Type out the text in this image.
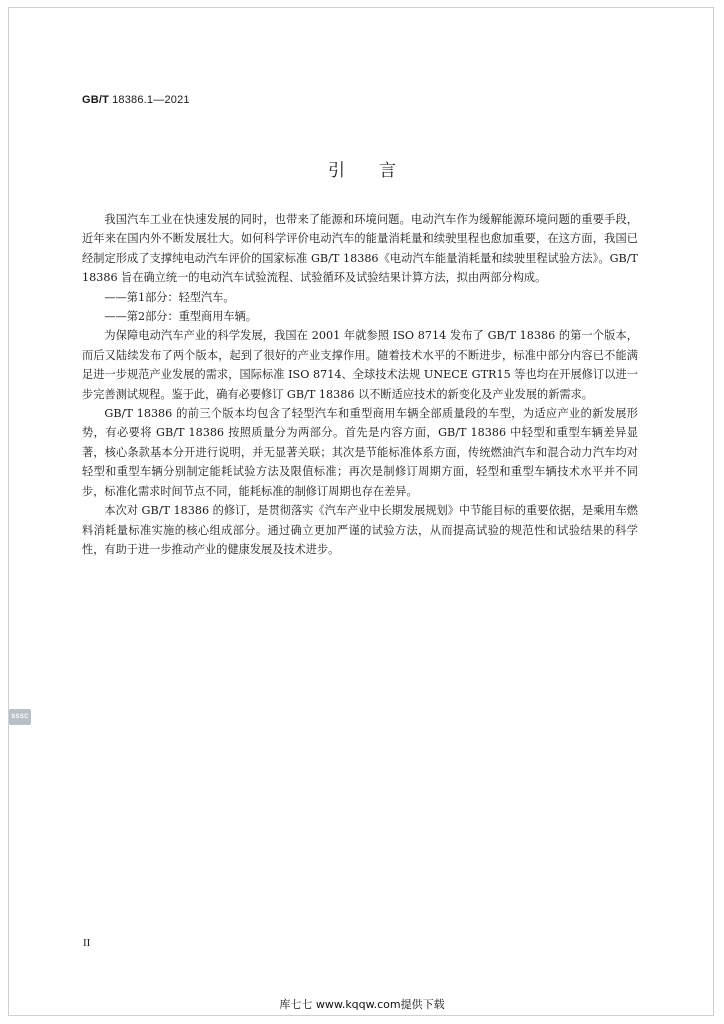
GB/T 18386.1—2021
引言

我国汽车工业在快速发展的同时，也带来了能源和环境问题。电动汽车作为缓解能源环境问题的重要手段，近年来在国内外不断发展壮大。如何科学评价电动汽车的能量消耗量和续驶里程也愈加重要，在这方面，我国已经制定形成了支撑纯电动汽车评价的国家标准 GB/T 18386《电动汽车能量消耗量和续驶里程试验方法》。GB/T 18386 旨在确立统一的电动汽车试验流程、试验循环及试验结果计算方法，拟由两部分构成。

——第1部分：轻型汽车。

——第2部分：重型商用车辆。

为保障电动汽车产业的科学发展，我国在 2001 年就参照 ISO 8714 发布了 GB/T 18386 的第一个版本，而后又陆续发布了两个版本，起到了很好的产业支撑作用。随着技术水平的不断进步，标准中部分内容已不能满足进一步规范产业发展的需求，国际标准 ISO 8714、全球技术法规 UNECE GTR15 等也均在开展修订以进一步完善测试规程。鉴于此，确有必要修订 GB/T 18386 以不断适应技术的新变化及产业发展的新需求。

GB/T 18386 的前三个版本均包含了轻型汽车和重型商用车辆全部质量段的车型，为适应产业的新发展形势，有必要将 GB/T 18386 按照质量分为两部分。首先是内容方面，GB/T 18386 中轻型和重型车辆差异显著，核心条款基本分开进行说明，并无显著关联；其次是节能标准体系方面，传统燃油汽车和混合动力汽车均对轻型和重型车辆分别制定能耗试验方法及限值标准；再次是制修订周期方面，轻型和重型车辆技术水平并不同步，标准化需求时间节点不同，能耗标准的制修订周期也存在差异。

本次对 GB/T 18386 的修订，是贯彻落实《汽车产业中长期发展规划》中节能目标的重要依据，是乘用车燃料消耗量标准实施的核心组成部分。通过确立更加严谨的试验方法，从而提高试验的规范性和试验结果的科学性，有助于进一步推动产业的健康发展及技术进步。

SSSC
II
库七七 www.kqqw.com提供下载
